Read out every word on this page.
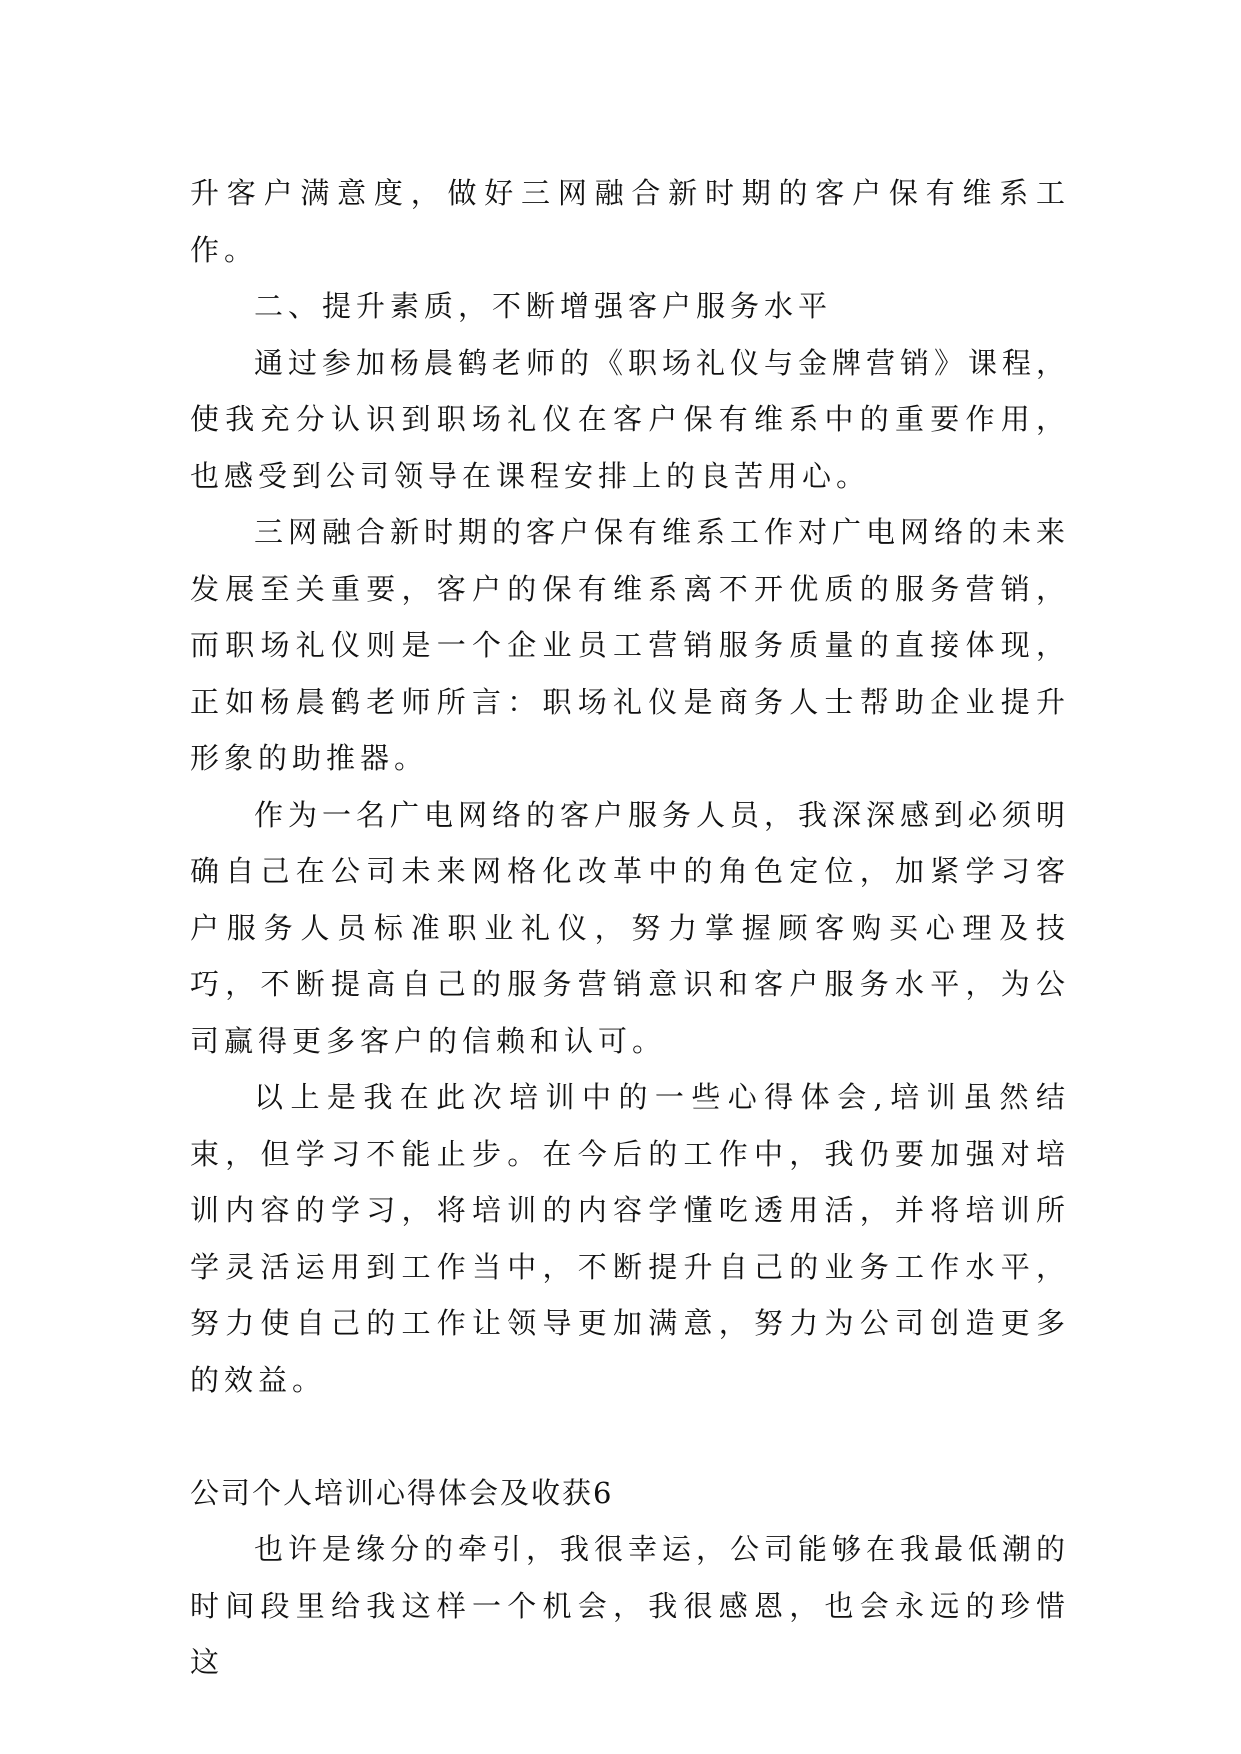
升客户满意度，做好三网融合新时期的客户保有维系工作。

二、提升素质，不断增强客户服务水平

通过参加杨晨鹤老师的《职场礼仪与金牌营销》课程，使我充分认识到职场礼仪在客户保有维系中的重要作用，也感受到公司领导在课程安排上的良苦用心。

三网融合新时期的客户保有维系工作对广电网络的未来发展至关重要，客户的保有维系离不开优质的服务营销，而职场礼仪则是一个企业员工营销服务质量的直接体现，正如杨晨鹤老师所言：职场礼仪是商务人士帮助企业提升形象的助推器。

作为一名广电网络的客户服务人员，我深深感到必须明确自己在公司未来网格化改革中的角色定位，加紧学习客户服务人员标准职业礼仪，努力掌握顾客购买心理及技巧，不断提高自己的服务营销意识和客户服务水平，为公司赢得更多客户的信赖和认可。

以上是我在此次培训中的一些心得体会,培训虽然结束，但学习不能止步。在今后的工作中，我仍要加强对培训内容的学习，将培训的内容学懂吃透用活，并将培训所学灵活运用到工作当中，不断提升自己的业务工作水平，努力使自己的工作让领导更加满意，努力为公司创造更多的效益。

公司个人培训心得体会及收获6

也许是缘分的牵引，我很幸运，公司能够在我最低潮的时间段里给我这样一个机会，我很感恩，也会永远的珍惜这
